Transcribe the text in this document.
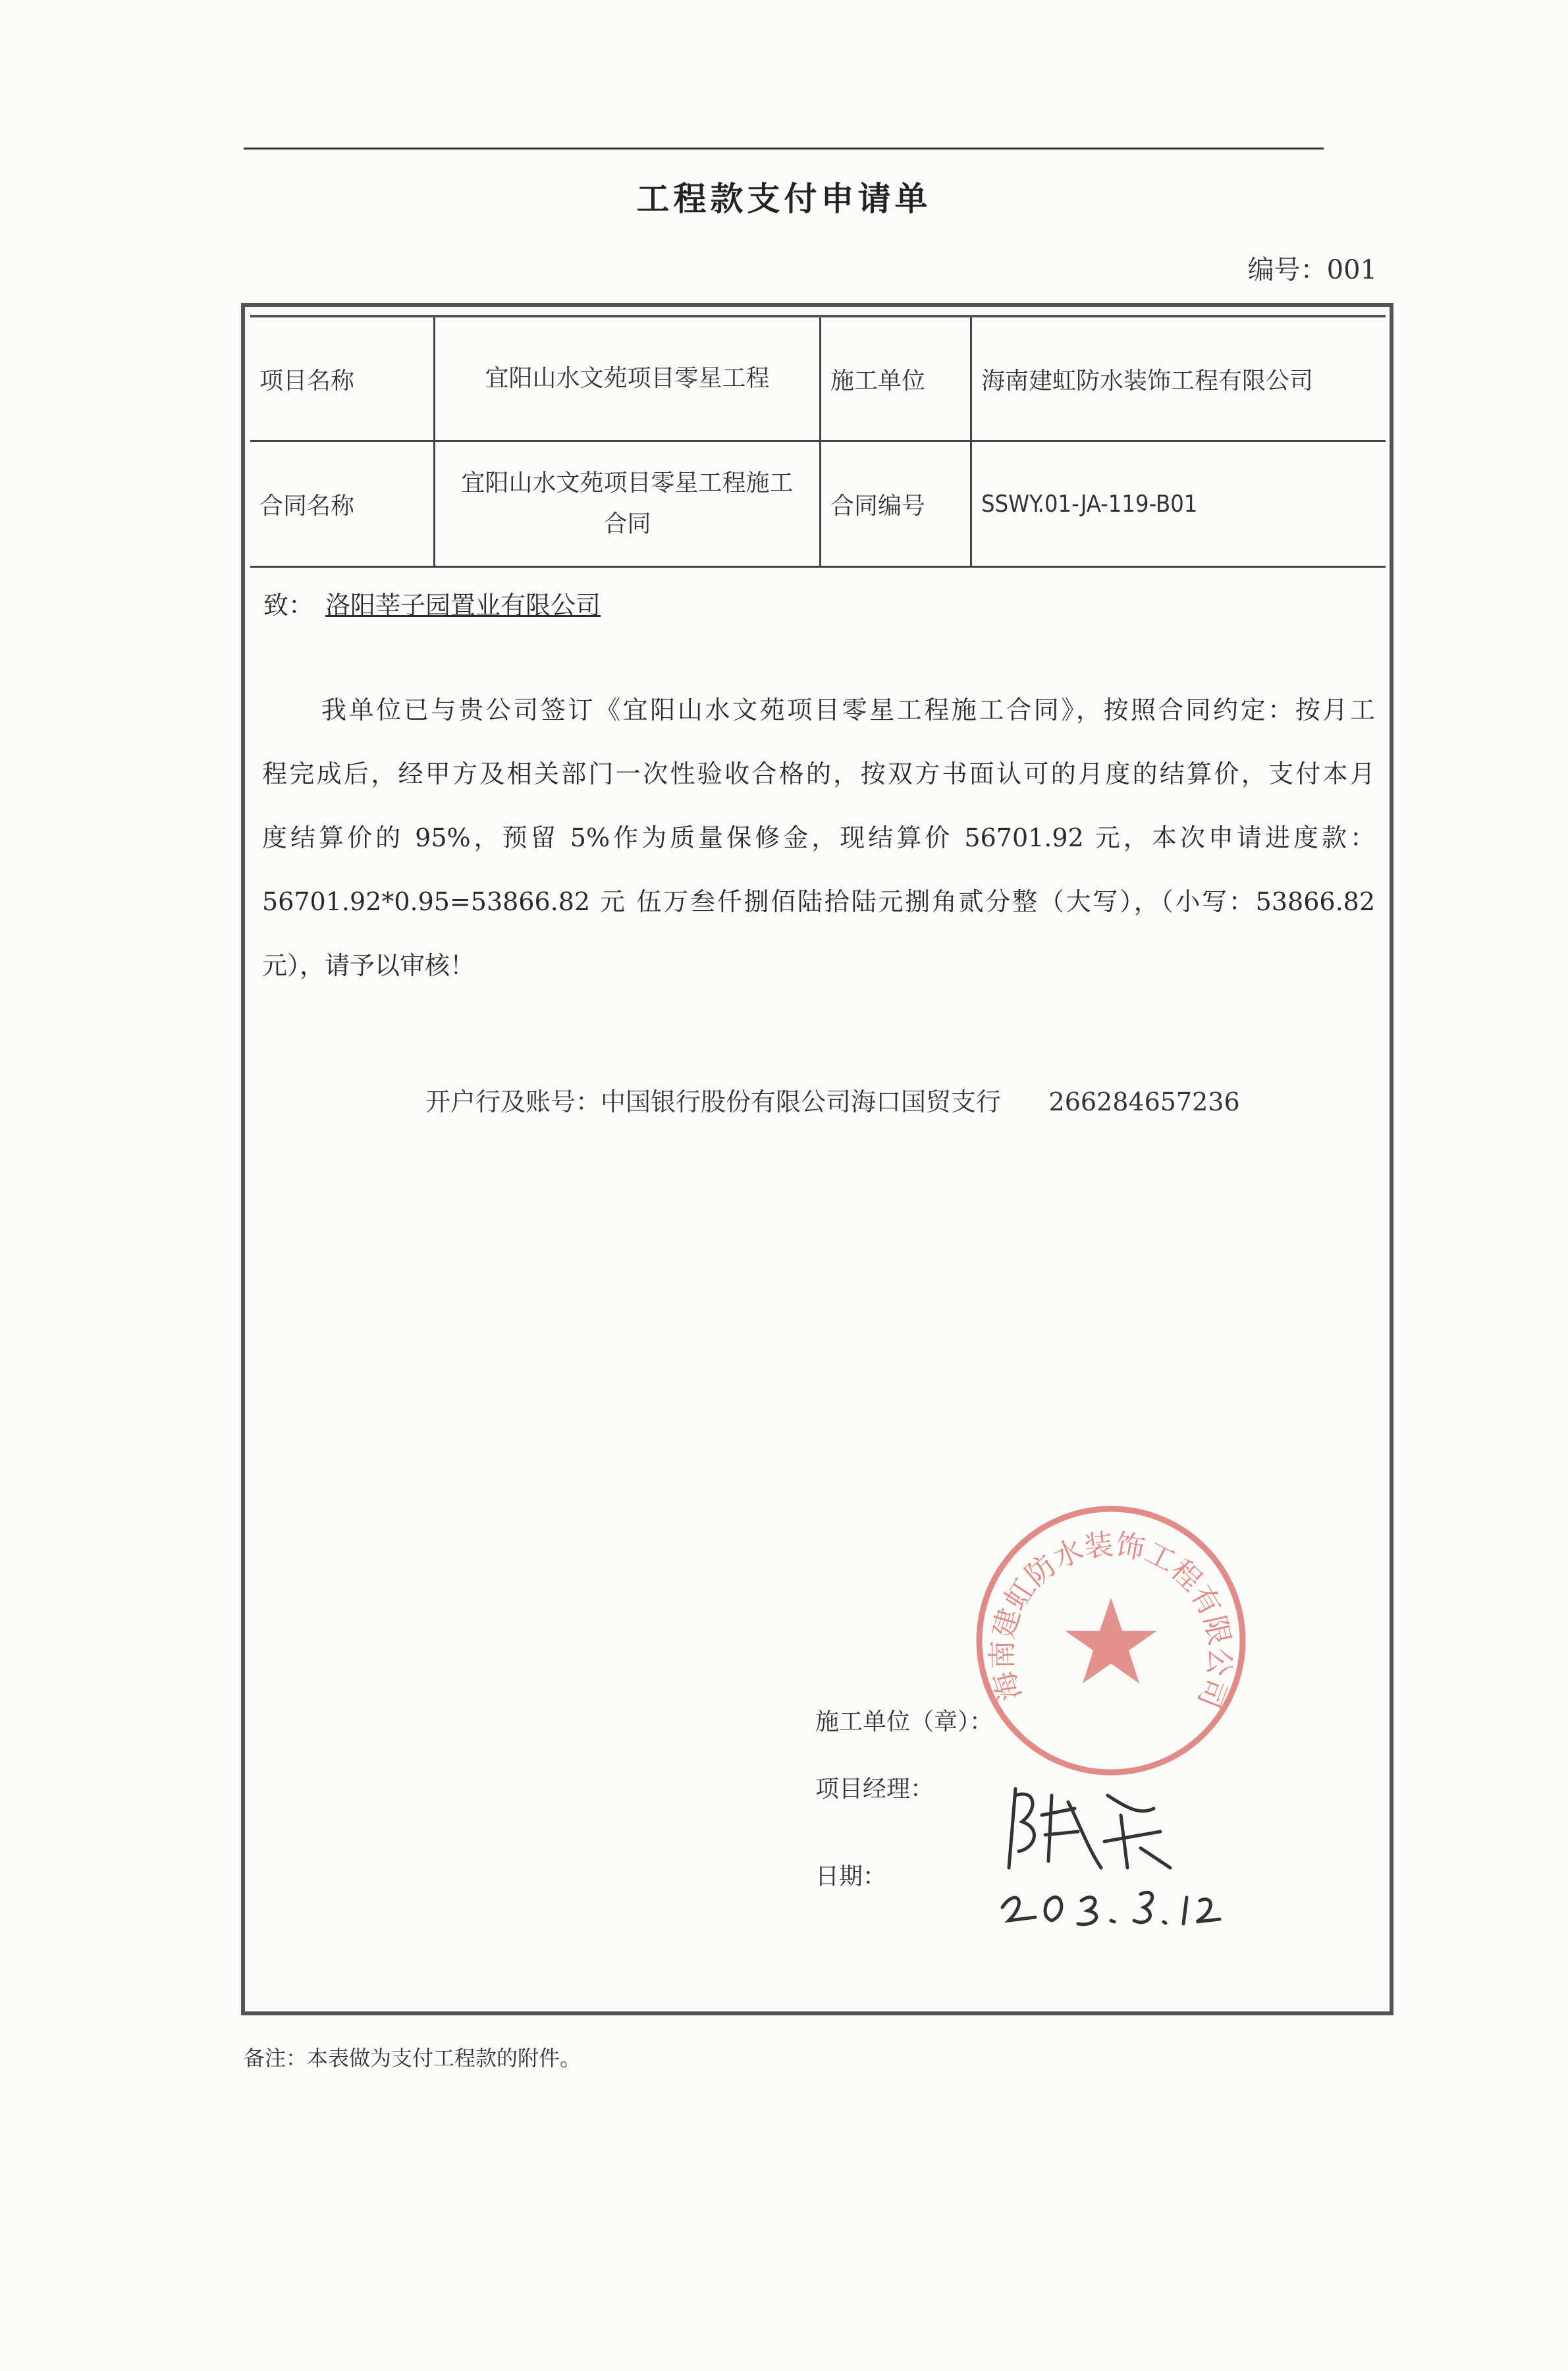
工程款支付申请单
编号：001
项目名称	宜阳山水文苑项目零星工程	施工单位	海南建虹防水装饰工程有限公司
合同名称	宜阳山水文苑项目零星工程施工合同	合同编号	SSWY.01-JA-119-B01
致： 洛阳莘子园置业有限公司
我单位已与贵公司签订《宜阳山水文苑项目零星工程施工合同》，按照合同约定：按月工
程完成后，经甲方及相关部门一次性验收合格的，按双方书面认可的月度的结算价，支付本月
度结算价的 95%，预留 5%作为质量保修金，现结算价 56701.92 元，本次申请进度款：
56701.92*0.95=53866.82 元 伍万叁仟捌佰陆拾陆元捌角贰分整（大写），（小写：53866.82
元），请予以审核！
开户行及账号：中国银行股份有限公司海口国贸支行 266284657236
海南建虹防水装饰工程有限公司
施工单位（章）：
项目经理：
日期：
备注：本表做为支付工程款的附件。
